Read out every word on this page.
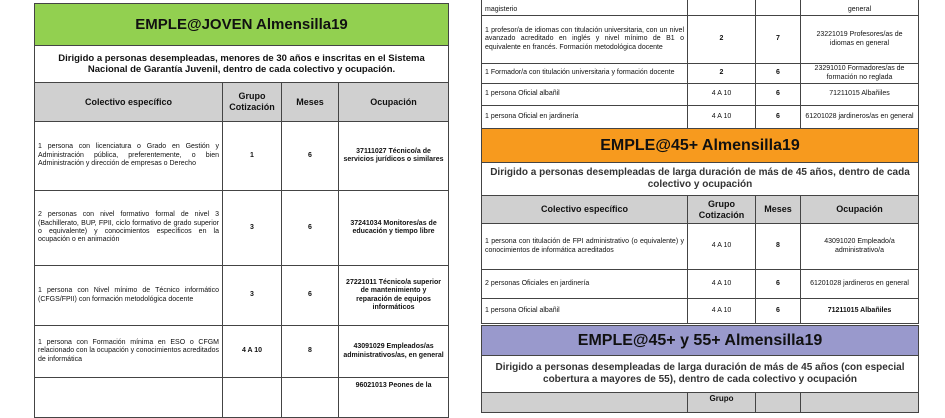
EMPLE@JOVEN Almensilla19			
Dirigido a personas desempleadas, menores de 30 años e inscritas en el Sistema Nacional de Garantía Juvenil, dentro de cada colectivo y ocupación.			
Colectivo específico	Grupo Cotización	Meses	Ocupación
1 persona con licenciatura o Grado en Gestión y Administración pública, preferentemente, o bien Administración y dirección de empresas o Derecho	1	6	37111027 Técnico/a de servicios jurídicos o similares
2 personas con nivel formativo formal de nivel 3 (Bachillerato, BUP, FPII, ciclo formativo de grado superior o equivalente) y conocimientos específicos en la ocupación o en animación	3	6	37241034 Monitores/as de educación y tiempo libre
1 persona con Nivel mínimo de Técnico informático (CFGS/FPII) con formación metodológica docente	3	6	27221011 Técnico/a superior de mantenimiento y reparación de equipos informáticos
1 persona con Formación mínima en ESO o CFGM relacionado con la ocupación y conocimientos acreditados de informática	4 A 10	8	43091029 Empleados/as administrativos/as, en general
			96021013 Peones de la
magisterio			general
1 profesor/a de idiomas con titulación universitaria, con un nivel avanzado acreditado en inglés y nivel mínimo de B1 o equivalente en francés. Formación metodológica docente	2	7	23221019 Profesores/as de idiomas en general
1 Formador/a con titulación universitaria y formación docente	2	6	23291010 Formadores/as de formación no reglada
1 persona Oficial albañil	4 A 10	6	71211015 Albañiles
1 persona Oficial en jardinería	4 A 10	6	61201028 jardineros/as en general
EMPLE@45+ Almensilla19			
Dirigido a personas desempleadas de larga duración de más de 45 años, dentro de cada colectivo y ocupación			
Colectivo específico	Grupo Cotización	Meses	Ocupación
1 persona con titulación de FPI administrativo (o equivalente) y conocimientos de informática acreditados	4 A 10	8	43091020 Empleado/a administrativo/a
2 personas Oficiales en jardinería	4 A 10	6	61201028 jardineros en general
1 persona Oficial albañil	4 A 10	6	71211015 Albañiles
EMPLE@45+ y 55+ Almensilla19
Dirigido a personas desempleadas de larga duración de más de 45 años (con especial cobertura a mayores de 55), dentro de cada colectivo y ocupación
	Grupo		
